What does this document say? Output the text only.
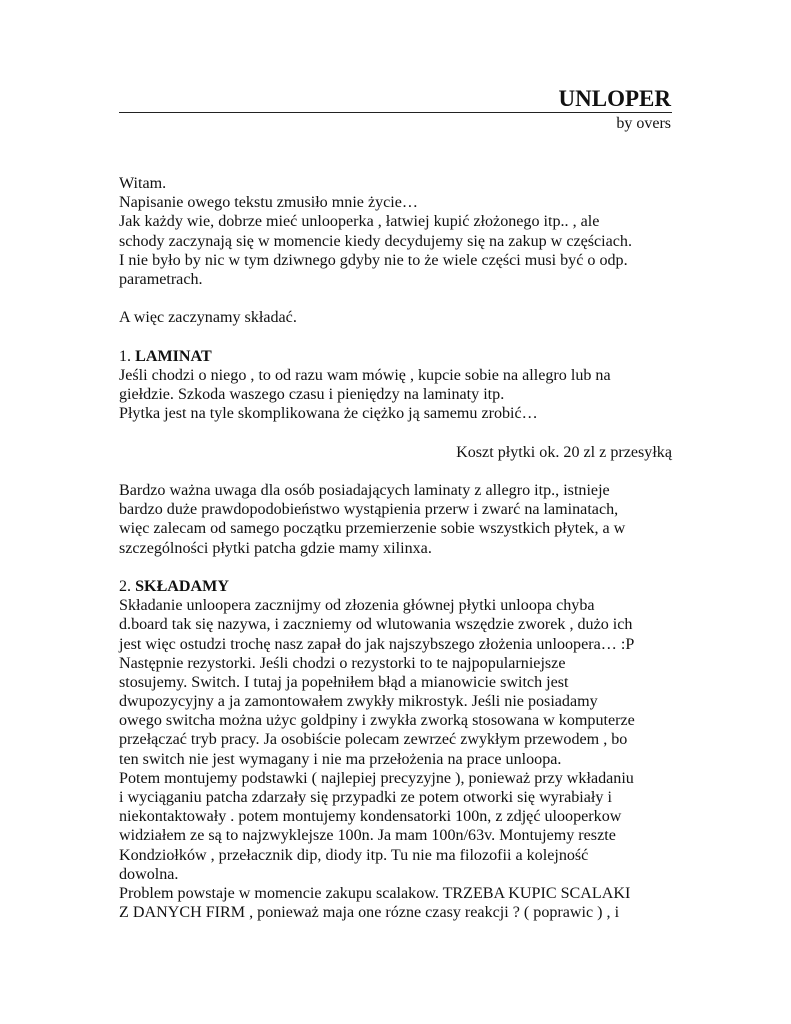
UNLOPER
by overs
Witam.
Napisanie owego tekstu zmusiło mnie życie…
Jak każdy wie, dobrze mieć unlooperka , łatwiej kupić złożonego itp.. , ale
schody zaczynają się w momencie kiedy decydujemy się na zakup w częściach.
I nie było by nic w tym dziwnego gdyby nie to że wiele części musi być o odp.
parametrach.
A więc zaczynamy składać.
1. LAMINAT
Jeśli chodzi o niego , to od razu wam mówię , kupcie sobie na allegro lub na
giełdzie. Szkoda waszego czasu i pieniędzy na laminaty itp.
Płytka jest na tyle skomplikowana że ciężko ją samemu zrobić…
Koszt płytki ok. 20 zl z przesyłką
Bardzo ważna uwaga dla osób posiadających laminaty z allegro itp., istnieje
bardzo duże prawdopodobieństwo wystąpienia przerw i zwarć na laminatach,
więc zalecam od samego początku przemierzenie sobie wszystkich płytek, a w
szczególności płytki patcha gdzie mamy xilinxa.
2. SKŁADAMY
Składanie unloopera zacznijmy od złozenia głównej płytki unloopa chyba
d.board tak się nazywa, i zaczniemy od wlutowania wszędzie zworek , dużo ich
jest więc ostudzi trochę nasz zapał do jak najszybszego złożenia unloopera… :P
Następnie rezystorki. Jeśli chodzi o rezystorki to te najpopularniejsze
stosujemy. Switch. I tutaj ja popełniłem błąd a mianowicie switch jest
dwupozycyjny a ja zamontowałem zwykły mikrostyk. Jeśli nie posiadamy
owego switcha można użyc goldpiny i zwykła zworką stosowana w komputerze
przełączać tryb pracy. Ja osobiście polecam zewrzeć zwykłym przewodem , bo
ten switch nie jest wymagany i nie ma przełożenia na prace unloopa.
Potem montujemy podstawki ( najlepiej precyzyjne ), ponieważ przy wkładaniu
i wyciąganiu patcha zdarzały się przypadki ze potem otworki się wyrabiały i
niekontaktowały . potem montujemy kondensatorki 100n, z zdjęć ulooperkow
widziałem ze są to najzwyklejsze 100n. Ja mam 100n/63v. Montujemy reszte
Kondziołków , przełacznik dip, diody itp. Tu nie ma filozofii a kolejność
dowolna.
Problem powstaje w momencie zakupu scalakow. TRZEBA KUPIC SCALAKI
Z DANYCH FIRM , ponieważ maja one rózne czasy reakcji ? ( poprawic ) , i
